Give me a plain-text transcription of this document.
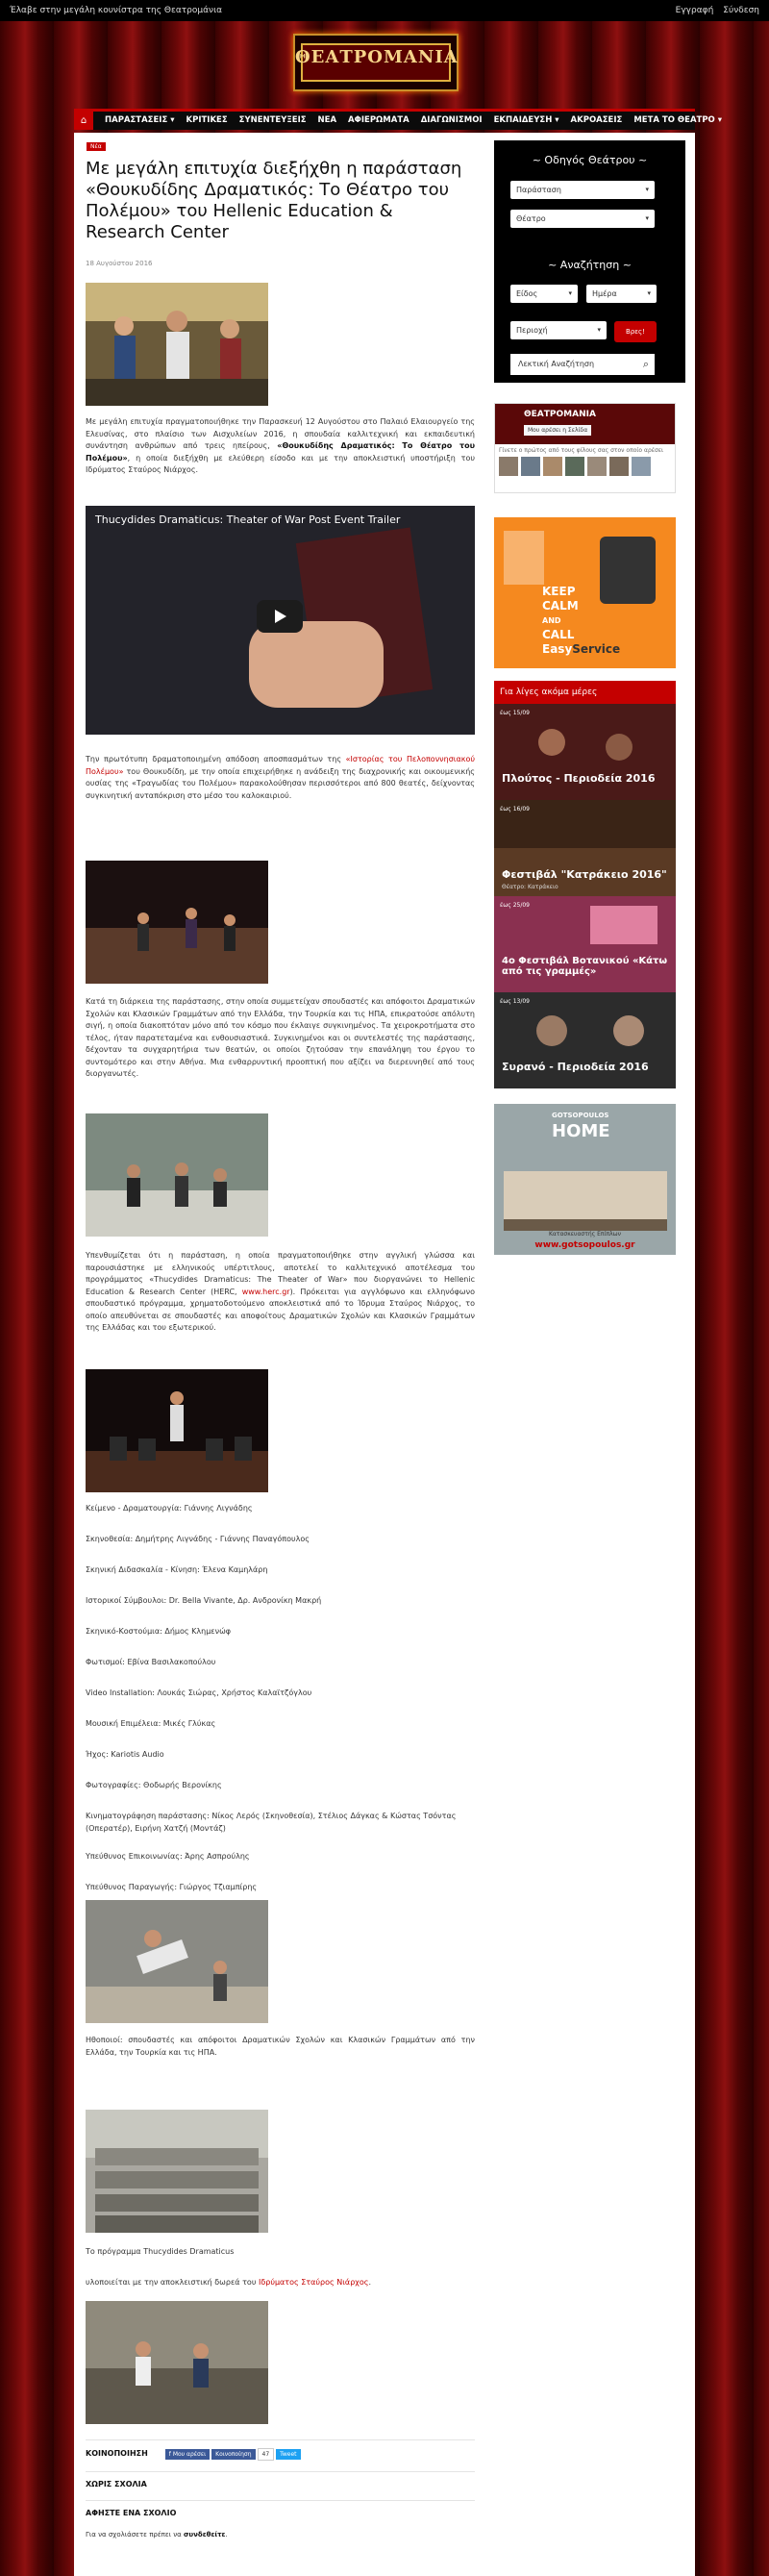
Έλαβε στην μεγάλη κουνίστρα της Θεατρομάνια	Εγγραφή Σύνδεση
ΘΕΑΤΡΟΜΑΝΙΑ
⌂	ΠΑΡΑΣΤΑΣΕΙΣ ▾	ΚΡΙΤΙΚΕΣ	ΣΥΝΕΝΤΕΥΞΕΙΣ	ΝΕΑ	ΑΦΙΕΡΩΜΑΤΑ	ΔΙΑΓΩΝΙΣΜΟΙ	ΕΚΠΑΙΔΕΥΣΗ ▾	ΑΚΡΟΑΣΕΙΣ	ΜΕΤΑ ΤΟ ΘΕΑΤΡΟ ▾
Νέα
Με μεγάλη επιτυχία διεξήχθη η παράσταση «Θουκυδίδης Δραματικός: Το Θέατρο του Πολέμου» του Hellenic Education & Research Center
18 Αυγούστου 2016

Με μεγάλη επιτυχία πραγματοποιήθηκε την Παρασκευή 12 Αυγούστου στο Παλαιό Ελαιουργείο της Ελευσίνας, στο πλαίσιο των Αισχυλείων 2016, η σπουδαία καλλιτεχνική και εκπαιδευτική συνάντηση ανθρώπων από τρεις ηπείρους, «Θουκυδίδης Δραματικός: Το Θέατρο του Πολέμου», η οποία διεξήχθη με ελεύθερη είσοδο και με την αποκλειστική υποστήριξη του Ιδρύματος Σταύρος Νιάρχος.

Thucydides Dramaticus: Theater of War Post Event Trailer

Την πρωτότυπη δραματοποιημένη απόδοση αποσπασμάτων της «Ιστορίας του Πελοποννησιακού Πολέμου» του Θουκυδίδη, με την οποία επιχειρήθηκε η ανάδειξη της διαχρονικής και οικουμενικής ουσίας της «Τραγωδίας του Πολέμου» παρακολούθησαν περισσότεροι από 800 θεατές, δείχνοντας συγκινητική ανταπόκριση στο μέσο του καλοκαιριού.

Κατά τη διάρκεια της παράστασης, στην οποία συμμετείχαν σπουδαστές και απόφοιτοι Δραματικών Σχολών και Κλασικών Γραμμάτων από την Ελλάδα, την Τουρκία και τις ΗΠΑ, επικρατούσε απόλυτη σιγή, η οποία διακοπτόταν μόνο από τον κόσμο που έκλαιγε συγκινημένος. Τα χειροκροτήματα στο τέλος, ήταν παρατεταμένα και ενθουσιαστικά. Συγκινημένοι και οι συντελεστές της παράστασης, δέχονταν τα συγχαρητήρια των θεατών, οι οποίοι ζητούσαν την επανάληψη του έργου το συντομότερο και στην Αθήνα. Μια ενθαρρυντική προοπτική που αξίζει να διερευνηθεί από τους διοργανωτές.

Υπενθυμίζεται ότι η παράσταση, η οποία πραγματοποιήθηκε στην αγγλική γλώσσα και παρουσιάστηκε με ελληνικούς υπέρτιτλους, αποτελεί το καλλιτεχνικό αποτέλεσμα του προγράμματος «Thucydides Dramaticus: The Theater of War» που διοργανώνει το Hellenic Education & Research Center (HERC, www.herc.gr). Πρόκειται για αγγλόφωνο και ελληνόφωνο σπουδαστικό πρόγραμμα, χρηματοδοτούμενο αποκλειστικά από το Ίδρυμα Σταύρος Νιάρχος, το οποίο απευθύνεται σε σπουδαστές και αποφοίτους Δραματικών Σχολών και Κλασικών Γραμμάτων της Ελλάδας και του εξωτερικού.

Κείμενο - Δραματουργία: Γιάννης Λιγνάδης
Σκηνοθεσία: Δημήτρης Λιγνάδης - Γιάννης Παναγόπουλος
Σκηνική Διδασκαλία - Κίνηση: Έλενα Καμηλάρη
Ιστορικοί Σύμβουλοι: Dr. Bella Vivante, Δρ. Ανδρονίκη Μακρή
Σκηνικό-Κοστούμια: Δήμος Κλημενώφ
Φωτισμοί: Εβίνα Βασιλακοπούλου
Video Installation: Λουκάς Σιώρας, Χρήστος Καλαϊτζόγλου
Μουσική Επιμέλεια: Μικές Γλύκας
Ήχος: Kariotis Audio
Φωτογραφίες: Θοδωρής Βερονίκης
Κινηματογράφηση παράστασης: Νίκος Λερός (Σκηνοθεσία), Στέλιος Δάγκας & Κώστας Τσόντας (Οπερατέρ), Ειρήνη Χατζή (Μοντάζ)
Υπεύθυνος Επικοινωνίας: Άρης Ασπρούλης
Υπεύθυνος Παραγωγής: Γιώργος Τζιαμπίρης

Ηθοποιοί: σπουδαστές και απόφοιτοι Δραματικών Σχολών και Κλασικών Γραμμάτων από την Ελλάδα, την Τουρκία και τις ΗΠΑ.

Το πρόγραμμα Thucydides Dramaticus
υλοποιείται με την αποκλειστική δωρεά του Ιδρύματος Σταύρος Νιάρχος.
ΚΟΙΝΟΠΟΙΗΣΗ	f Μου αρέσει Κοινοποίηση 47 Tweet
ΧΩΡΙΣ ΣΧΟΛΙΑ
ΑΦΗΣΤΕ ΕΝΑ ΣΧΟΛΙΟ
Για να σχολιάσετε πρέπει να συνδεθείτε.
~ Οδηγός Θεάτρου ~
Παράσταση	▾
Θέατρο	▾
~ Αναζήτηση ~
Είδος	▾	Ημέρα	▾
Περιοχή	▾	Βρες!
Λεκτική Αναζήτηση	⌕
ΘΕΑΤΡΟΜΑΝΙΑ
Μου αρέσει η Σελίδα
Γίνετε ο πρώτος από τους φίλους σας στον οποίο αρέσει
KEEP
CALM
AND
CALL
EasyService
Για λίγες ακόμα μέρες
έως 15/09
Πλούτος - Περιοδεία 2016
έως 16/09
Φεστιβάλ "Κατράκειο 2016"
Θέατρο: Κατράκειο
έως 25/09
4ο Φεστιβάλ Βοτανικού «Κάτω από τις γραμμές»
έως 13/09
Συρανό - Περιοδεία 2016
GOTSOPOULOS
HOME
Κατασκευαστής Επίπλων
www.gotsopoulos.gr
